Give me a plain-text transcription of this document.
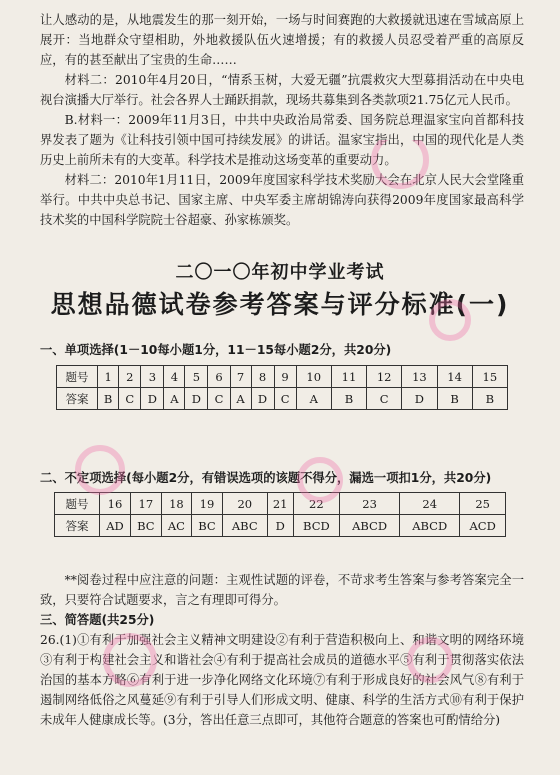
让人感动的是，从地震发生的那一刻开始，一场与时间赛跑的大救援就迅速在雪域高原上展开：当地群众守望相助，外地救援队伍火速增援；有的救援人员忍受着严重的高原反应，有的甚至献出了宝贵的生命……

材料二：2010年4月20日，“情系玉树，大爱无疆”抗震救灾大型募捐活动在中央电视台演播大厅举行。社会各界人士踊跃捐款，现场共募集到各类款项21.75亿元人民币。

B.材料一：2009年11月3日，中共中央政治局常委、国务院总理温家宝向首都科技界发表了题为《让科技引领中国可持续发展》的讲话。温家宝指出，中国的现代化是人类历史上前所未有的大变革。科学技术是推动这场变革的重要动力。

材料二：2010年1月11日，2009年度国家科学技术奖励大会在北京人民大会堂隆重举行。中共中央总书记、国家主席、中央军委主席胡锦涛向获得2009年度国家最高科学技术奖的中国科学院院士谷超豪、孙家栋颁奖。

二〇一〇年初中学业考试
思想品德试卷参考答案与评分标准(一)
一、单项选择(1－10每小题1分，11－15每小题2分，共20分)
题号	1	2	3	4	5	6	7	8	9	10	11	12	13	14	15
答案	B	C	D	A	D	C	A	D	C	A	B	C	D	B	B
二、不定项选择(每小题2分，有错误选项的该题不得分，漏选一项扣1分，共20分)
题号	16	17	18	19	20	21	22	23	24	25
答案	AD	BC	AC	BC	ABC	D	BCD	ABCD	ABCD	ACD

**阅卷过程中应注意的问题：主观性试题的评卷，不苛求考生答案与参考答案完全一致，只要符合试题要求，言之有理即可得分。

三、简答题(共25分)

26.(1)①有利于加强社会主义精神文明建设②有利于营造积极向上、和谐文明的网络环境③有利于构建社会主义和谐社会④有利于提高社会成员的道德水平⑤有利于贯彻落实依法治国的基本方略⑥有利于进一步净化网络文化环境⑦有利于形成良好的社会风气⑧有利于遏制网络低俗之风蔓延⑨有利于引导人们形成文明、健康、科学的生活方式⑩有利于保护未成年人健康成长等。(3分，答出任意三点即可，其他符合题意的答案也可酌情给分)
